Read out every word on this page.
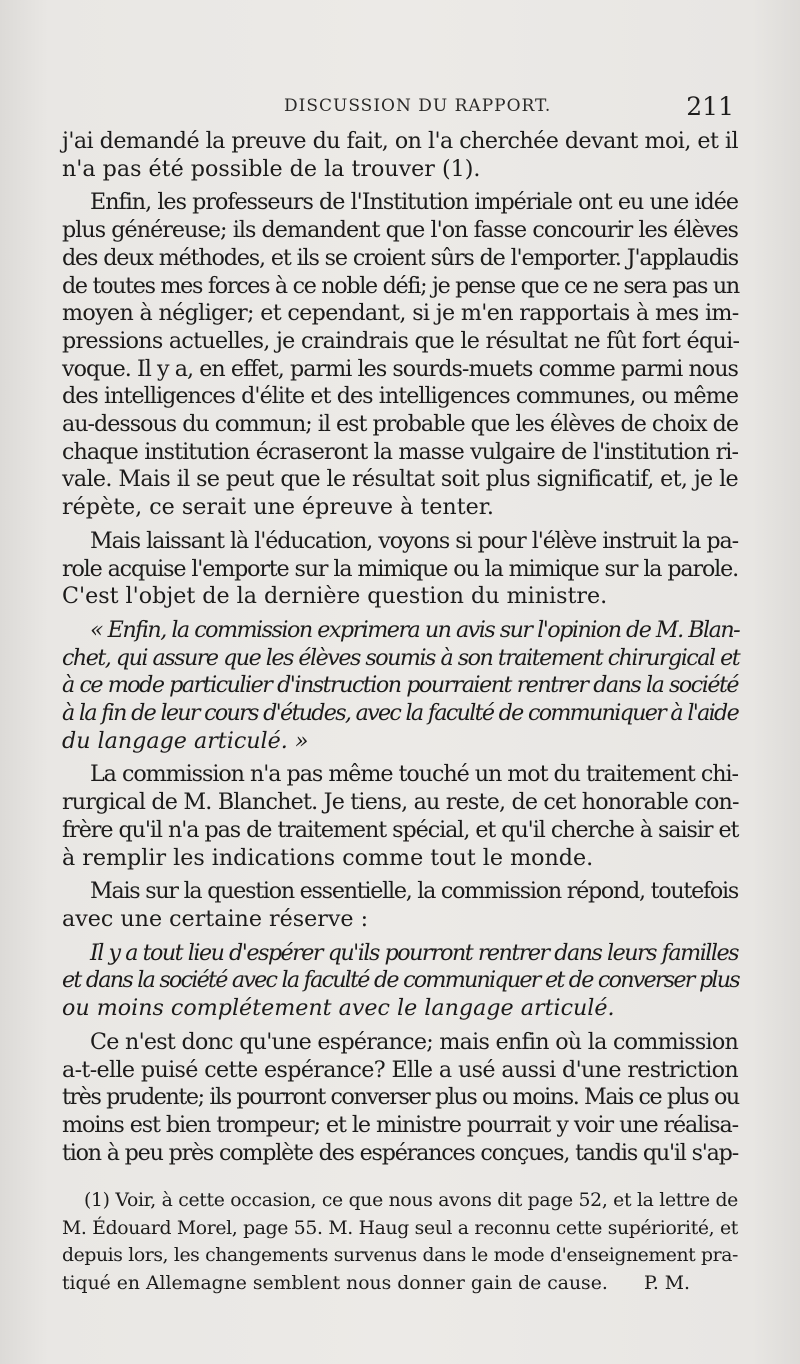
DISCUSSION DU RAPPORT.	211
j'ai demandé la preuve du fait, on l'a cherchée devant moi, et il
n'a pas été possible de la trouver (1).
Enfin, les professeurs de l'Institution impériale ont eu une idée
plus généreuse; ils demandent que l'on fasse concourir les élèves
des deux méthodes, et ils se croient sûrs de l'emporter. J'applaudis
de toutes mes forces à ce noble défi; je pense que ce ne sera pas un
moyen à négliger; et cependant, si je m'en rapportais à mes im-
pressions actuelles, je craindrais que le résultat ne fût fort équi-
voque. Il y a, en effet, parmi les sourds-muets comme parmi nous
des intelligences d'élite et des intelligences communes, ou même
au-dessous du commun; il est probable que les élèves de choix de
chaque institution écraseront la masse vulgaire de l'institution ri-
vale. Mais il se peut que le résultat soit plus significatif, et, je le
répète, ce serait une épreuve à tenter.
Mais laissant là l'éducation, voyons si pour l'élève instruit la pa-
role acquise l'emporte sur la mimique ou la mimique sur la parole.
C'est l'objet de la dernière question du ministre.
« Enfin, la commission exprimera un avis sur l'opinion de M. Blan-
chet, qui assure que les élèves soumis à son traitement chirurgical et
à ce mode particulier d'instruction pourraient rentrer dans la société
à la fin de leur cours d'études, avec la faculté de communiquer à l'aide
du langage articulé. »
La commission n'a pas même touché un mot du traitement chi-
rurgical de M. Blanchet. Je tiens, au reste, de cet honorable con-
frère qu'il n'a pas de traitement spécial, et qu'il cherche à saisir et
à remplir les indications comme tout le monde.
Mais sur la question essentielle, la commission répond, toutefois
avec une certaine réserve :
Il y a tout lieu d'espérer qu'ils pourront rentrer dans leurs familles
et dans la société avec la faculté de communiquer et de converser plus
ou moins complétement avec le langage articulé.
Ce n'est donc qu'une espérance; mais enfin où la commission
a-t-elle puisé cette espérance? Elle a usé aussi d'une restriction
très prudente; ils pourront converser plus ou moins. Mais ce plus ou
moins est bien trompeur; et le ministre pourrait y voir une réalisa-
tion à peu près complète des espérances conçues, tandis qu'il s'ap-
(1) Voir, à cette occasion, ce que nous avons dit page 52, et la lettre de
M. Édouard Morel, page 55. M. Haug seul a reconnu cette supériorité, et
depuis lors, les changements survenus dans le mode d'enseignement pra-
tiqué en Allemagne semblent nous donner gain de cause. P. M.
